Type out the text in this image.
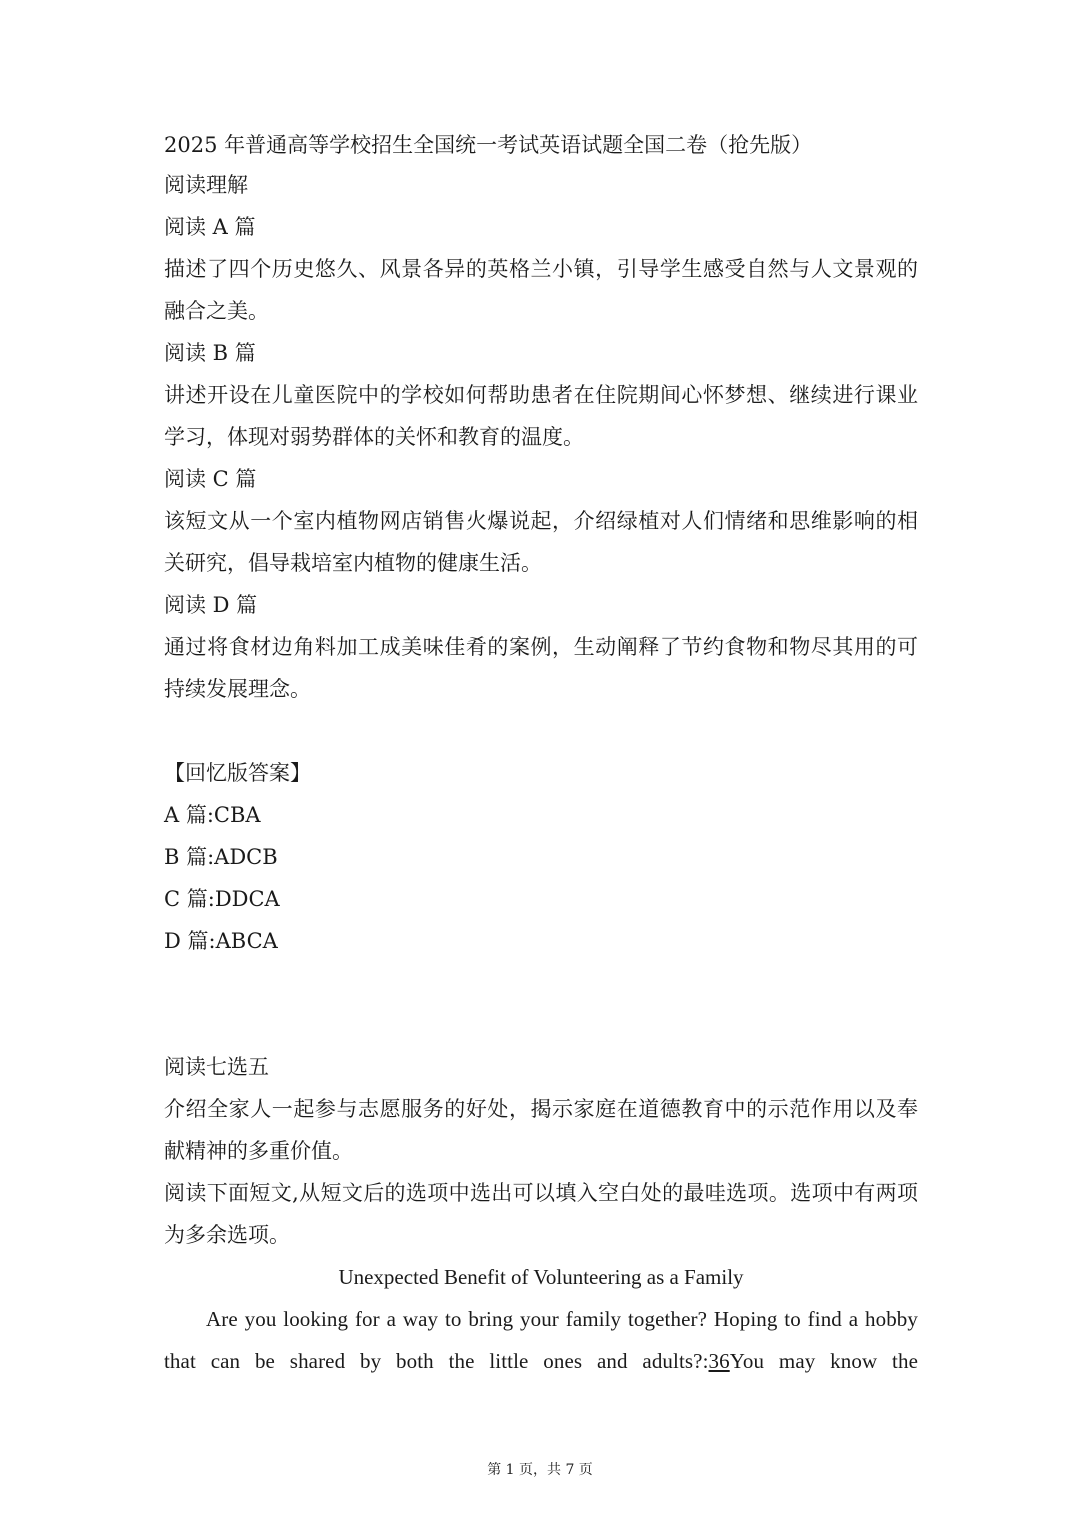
2025 年普通高等学校招生全国统一考试英语试题全国二卷（抢先版）
阅读理解
阅读 A 篇
描述了四个历史悠久、风景各异的英格兰小镇，引导学生感受自然与人文景观的融合之美。
阅读 B 篇
讲述开设在儿童医院中的学校如何帮助患者在住院期间心怀梦想、继续进行课业学习，体现对弱势群体的关怀和教育的温度。
阅读 C 篇
该短文从一个室内植物网店销售火爆说起，介绍绿植对人们情绪和思维影响的相关研究，倡导栽培室内植物的健康生活。
阅读 D 篇
通过将食材边角料加工成美味佳肴的案例，生动阐释了节约食物和物尽其用的可持续发展理念。
【回忆版答案】
A 篇:CBA
B 篇:ADCB
C 篇:DDCA
D 篇:ABCA
阅读七选五
介绍全家人一起参与志愿服务的好处，揭示家庭在道德教育中的示范作用以及奉献精神的多重价值。
阅读下面短文,从短文后的选项中选出可以填入空白处的最哇选项。选项中有两项为多余选项。
Unexpected Benefit of Volunteering as a Family
Are you looking for a way to bring your family together? Hoping to find a hobby
that can be shared by both the little ones and adults?:36You may know the
第 1 页，共 7 页
